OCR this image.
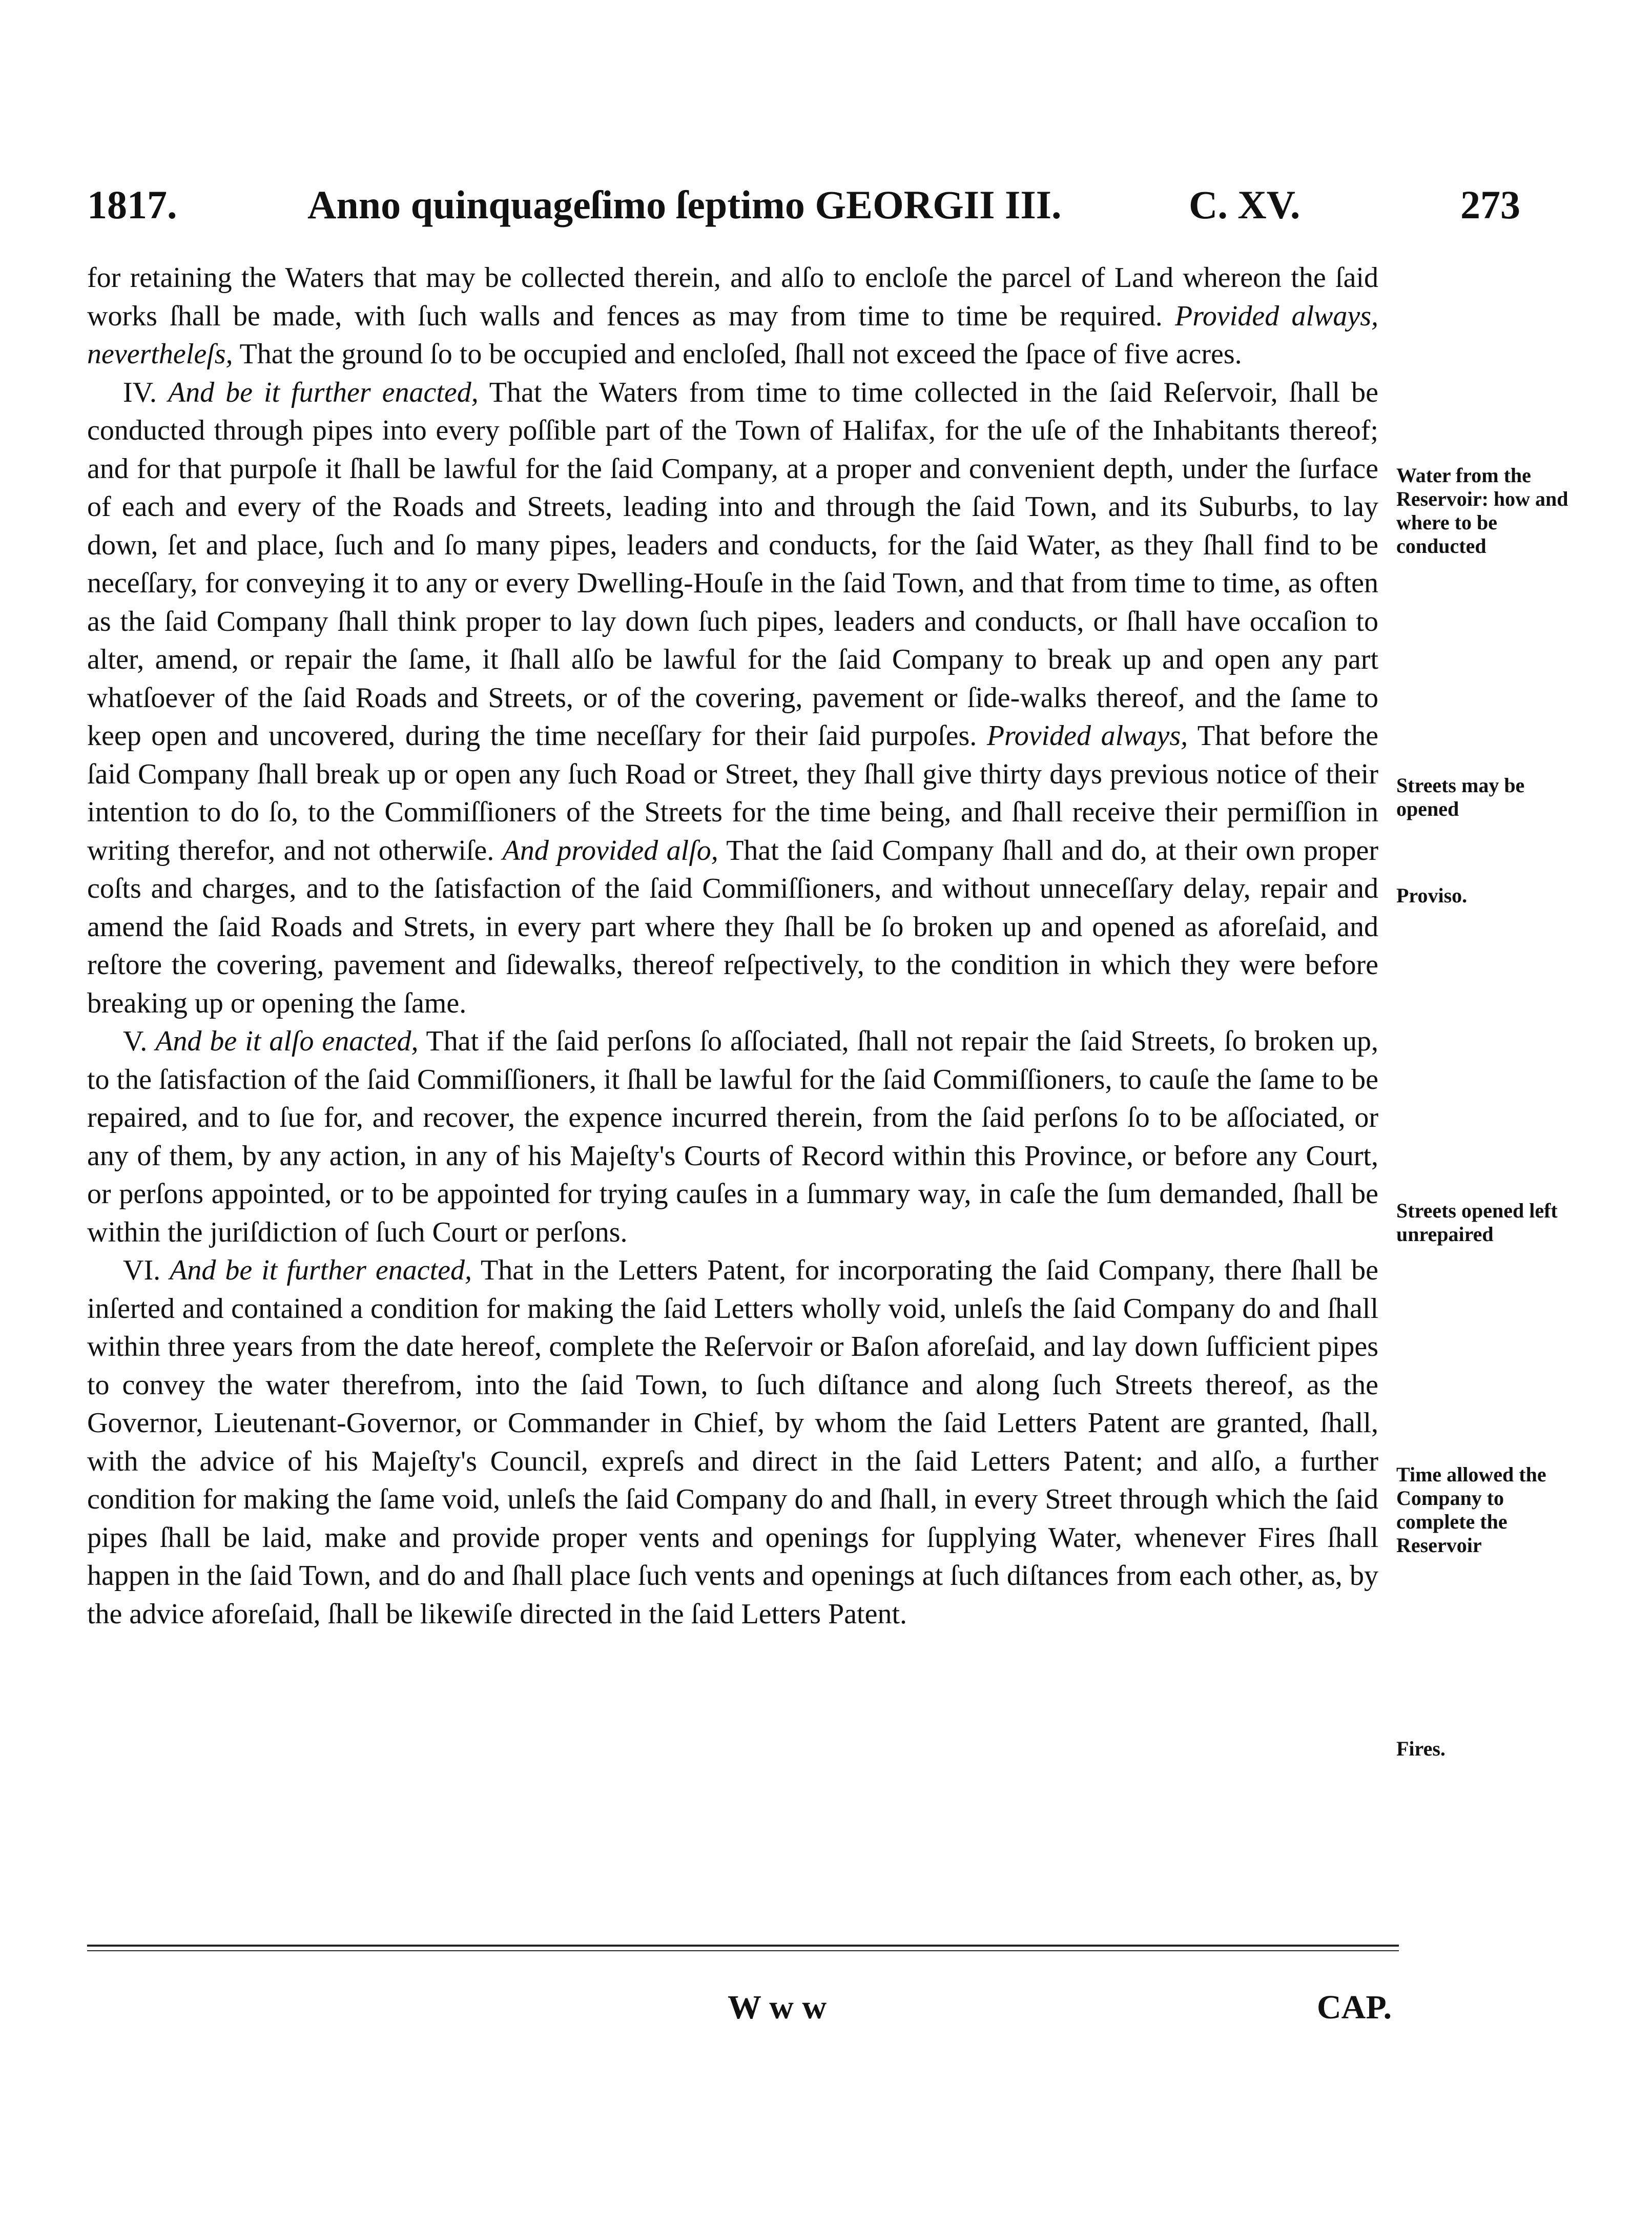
1817.	Anno quinquageſimo ſeptimo GEORGII III.	C. XV.	273

for retaining the Waters that may be collected therein, and alſo to encloſe the parcel of Land whereon the ſaid works ſhall be made, with ſuch walls and fences as may from time to time be required. Provided always, nevertheleſs, That the ground ſo to be occupied and encloſed, ſhall not exceed the ſpace of five acres.

IV. And be it further enacted, That the Waters from time to time collected in the ſaid Reſervoir, ſhall be conducted through pipes into every poſſible part of the Town of Halifax, for the uſe of the Inhabitants thereof; and for that purpoſe it ſhall be lawful for the ſaid Company, at a proper and convenient depth, under the ſurface of each and every of the Roads and Streets, leading into and through the ſaid Town, and its Suburbs, to lay down, ſet and place, ſuch and ſo many pipes, leaders and conducts, for the ſaid Water, as they ſhall find to be neceſſary, for conveying it to any or every Dwelling-Houſe in the ſaid Town, and that from time to time, as often as the ſaid Company ſhall think proper to lay down ſuch pipes, leaders and conducts, or ſhall have occaſion to alter, amend, or repair the ſame, it ſhall alſo be lawful for the ſaid Company to break up and open any part whatſoever of the ſaid Roads and Streets, or of the covering, pavement or ſide-walks thereof, and the ſame to keep open and uncovered, during the time neceſſary for their ſaid purpoſes. Provided always, That before the ſaid Company ſhall break up or open any ſuch Road or Street, they ſhall give thirty days previous notice of their intention to do ſo, to the Commiſſioners of the Streets for the time being, and ſhall receive their permiſſion in writing therefor, and not otherwiſe. And provided alſo, That the ſaid Company ſhall and do, at their own proper coſts and charges, and to the ſatisfaction of the ſaid Commiſſioners, and without unneceſſary delay, repair and amend the ſaid Roads and Strets, in every part where they ſhall be ſo broken up and opened as aforeſaid, and reſtore the covering, pavement and ſidewalks, thereof reſpectively, to the condition in which they were before breaking up or opening the ſame.

V. And be it alſo enacted, That if the ſaid perſons ſo aſſociated, ſhall not repair the ſaid Streets, ſo broken up, to the ſatisfaction of the ſaid Commiſſioners, it ſhall be lawful for the ſaid Commiſſioners, to cauſe the ſame to be repaired, and to ſue for, and recover, the expence incurred therein, from the ſaid perſons ſo to be aſſociated, or any of them, by any action, in any of his Majeſty's Courts of Record within this Province, or before any Court, or perſons appointed, or to be appointed for trying cauſes in a ſummary way, in caſe the ſum demanded, ſhall be within the juriſdiction of ſuch Court or perſons.

VI. And be it further enacted, That in the Letters Patent, for incorporating the ſaid Company, there ſhall be inſerted and contained a condition for making the ſaid Letters wholly void, unleſs the ſaid Company do and ſhall within three years from the date hereof, complete the Reſervoir or Baſon aforeſaid, and lay down ſufficient pipes to convey the water therefrom, into the ſaid Town, to ſuch diſtance and along ſuch Streets thereof, as the Governor, Lieutenant-Governor, or Commander in Chief, by whom the ſaid Letters Patent are granted, ſhall, with the advice of his Majeſty's Council, expreſs and direct in the ſaid Letters Patent; and alſo, a further condition for making the ſame void, unleſs the ſaid Company do and ſhall, in every Street through which the ſaid pipes ſhall be laid, make and provide proper vents and openings for ſupplying Water, whenever Fires ſhall happen in the ſaid Town, and do and ſhall place ſuch vents and openings at ſuch diſtances from each other, as, by the advice aforeſaid, ſhall be likewiſe directed in the ſaid Letters Patent.

Water from the Reservoir: how and where to be conducted
Streets may be opened
Proviso.
Streets opened left unrepaired
Time allowed the Company to complete the Reservoir
Fires.
W w w	CAP.
